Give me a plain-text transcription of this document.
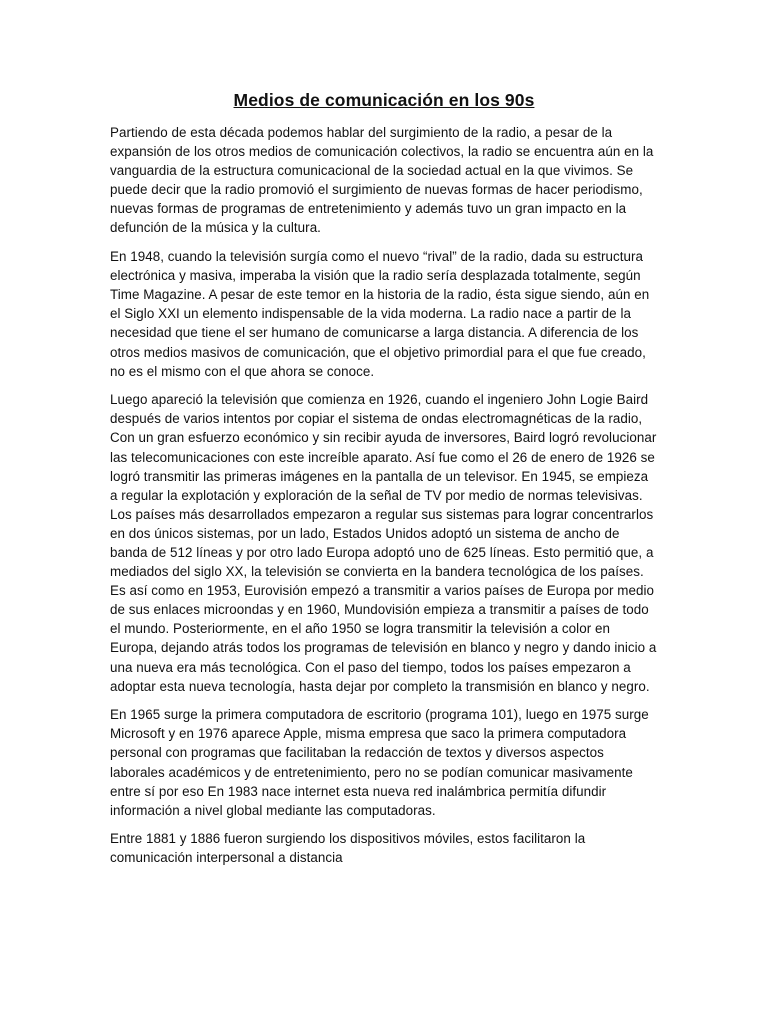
Medios de comunicación en los 90s

Partiendo de esta década podemos hablar del surgimiento de la radio, a pesar de la expansión de los otros medios de comunicación colectivos, la radio se encuentra aún en la vanguardia de la estructura comunicacional de la sociedad actual en la que vivimos. Se puede decir que la radio promovió el surgimiento de nuevas formas de hacer periodismo, nuevas formas de programas de entretenimiento y además tuvo un gran impacto en la defunción de la música y la cultura.

En 1948, cuando la televisión surgía como el nuevo “rival” de la radio, dada su estructura electrónica y masiva, imperaba la visión que la radio sería desplazada totalmente, según Time Magazine. A pesar de este temor en la historia de la radio, ésta sigue siendo, aún en el Siglo XXI un elemento indispensable de la vida moderna. La radio nace a partir de la necesidad que tiene el ser humano de comunicarse a larga distancia. A diferencia de los otros medios masivos de comunicación, que el objetivo primordial para el que fue creado, no es el mismo con el que ahora se conoce.

Luego apareció la televisión que comienza en 1926, cuando el ingeniero John Logie Baird después de varios intentos por copiar el sistema de ondas electromagnéticas de la radio, Con un gran esfuerzo económico y sin recibir ayuda de inversores, Baird logró revolucionar las telecomunicaciones con este increíble aparato. Así fue como el 26 de enero de 1926 se logró transmitir las primeras imágenes en la pantalla de un televisor. En 1945, se empieza a regular la explotación y exploración de la señal de TV por medio de normas televisivas. Los países más desarrollados empezaron a regular sus sistemas para lograr concentrarlos en dos únicos sistemas, por un lado, Estados Unidos adoptó un sistema de ancho de banda de 512 líneas y por otro lado Europa adoptó uno de 625 líneas. Esto permitió que, a mediados del siglo XX, la televisión se convierta en la bandera tecnológica de los países. Es así como en 1953, Eurovisión empezó a transmitir a varios países de Europa por medio de sus enlaces microondas y en 1960, Mundovisión empieza a transmitir a países de todo el mundo. Posteriormente, en el año 1950 se logra transmitir la televisión a color en Europa, dejando atrás todos los programas de televisión en blanco y negro y dando inicio a una nueva era más tecnológica. Con el paso del tiempo, todos los países empezaron a adoptar esta nueva tecnología, hasta dejar por completo la transmisión en blanco y negro.

En 1965 surge la primera computadora de escritorio (programa 101), luego en 1975 surge Microsoft y en 1976 aparece Apple, misma empresa que saco la primera computadora personal con programas que facilitaban la redacción de textos y diversos aspectos laborales académicos y de entretenimiento, pero no se podían comunicar masivamente entre sí por eso En 1983 nace internet esta nueva red inalámbrica permitía difundir información a nivel global mediante las computadoras.

Entre 1881 y 1886 fueron surgiendo los dispositivos móviles, estos facilitaron la comunicación interpersonal a distancia
